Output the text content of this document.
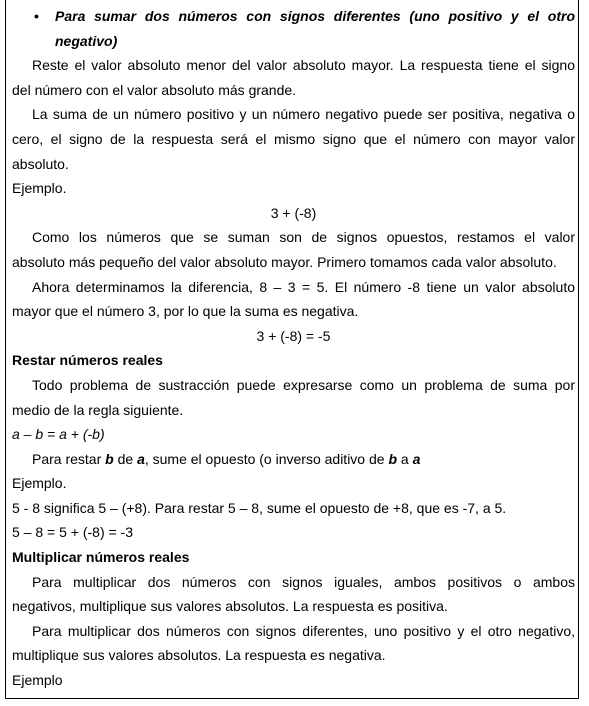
• Para sumar dos números con signos diferentes (uno positivo y el otro
negativo)
Reste el valor absoluto menor del valor absoluto mayor. La respuesta tiene el signo
del número con el valor absoluto más grande.
La suma de un número positivo y un número negativo puede ser positiva, negativa o
cero, el signo de la respuesta será el mismo signo que el número con mayor valor
absoluto.
Ejemplo.
3 + (-8)
Como los números que se suman son de signos opuestos, restamos el valor
absoluto más pequeño del valor absoluto mayor. Primero tomamos cada valor absoluto.
Ahora determinamos la diferencia, 8 – 3 = 5. El número -8 tiene un valor absoluto
mayor que el número 3, por lo que la suma es negativa.
3 + (-8) = -5
Restar números reales
Todo problema de sustracción puede expresarse como un problema de suma por
medio de la regla siguiente.
a – b = a + (-b)
Para restar b de a, sume el opuesto (o inverso aditivo de b a a
Ejemplo.
5 - 8 significa 5 – (+8). Para restar 5 – 8, sume el opuesto de +8, que es -7, a 5.
5 – 8 = 5 + (-8) = -3
Multiplicar números reales
Para multiplicar dos números con signos iguales, ambos positivos o ambos
negativos, multiplique sus valores absolutos. La respuesta es positiva.
Para multiplicar dos números con signos diferentes, uno positivo y el otro negativo,
multiplique sus valores absolutos. La respuesta es negativa.
Ejemplo
